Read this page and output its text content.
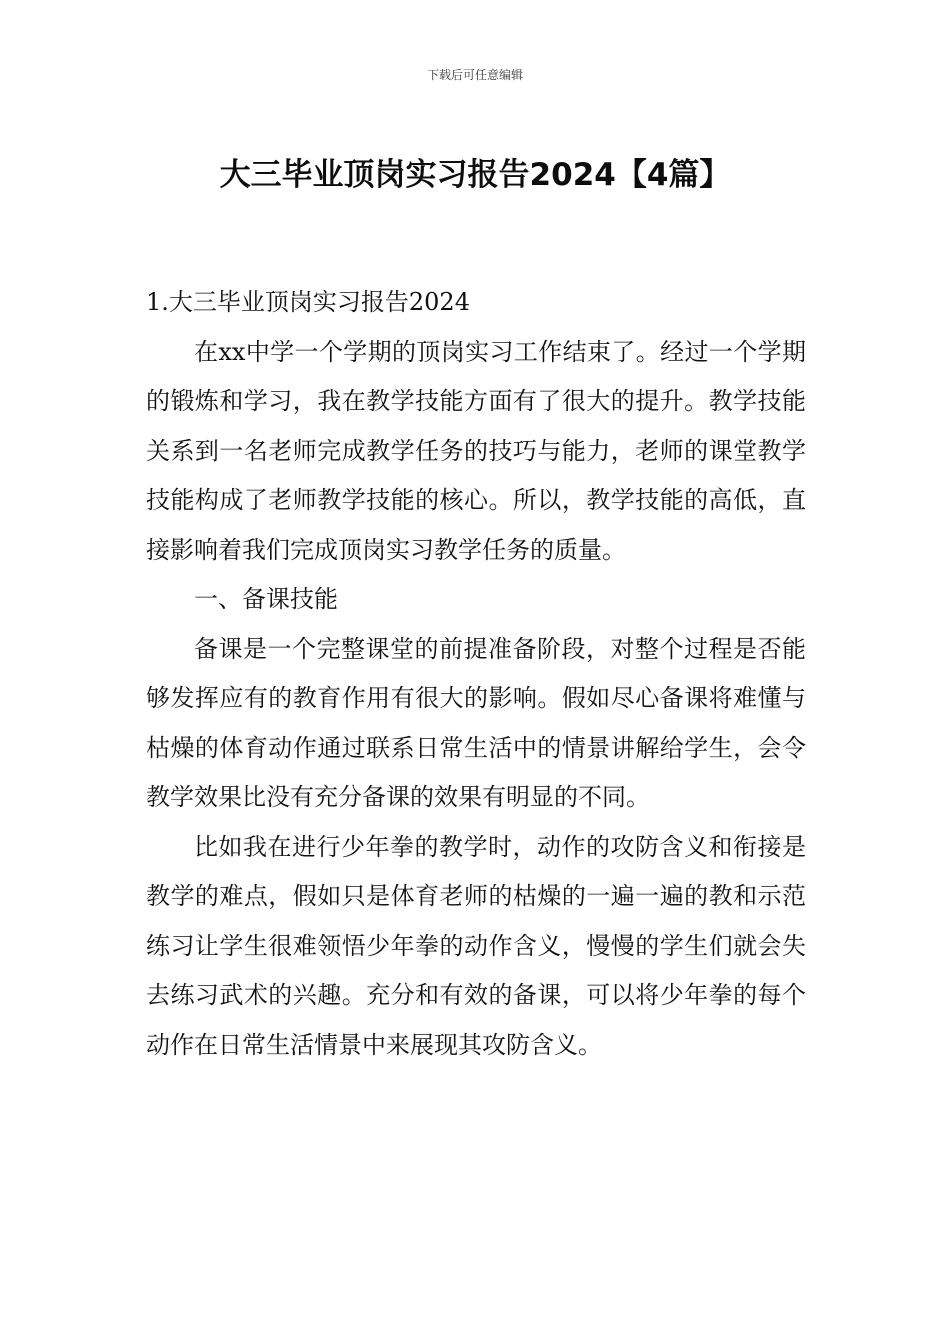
下载后可任意编辑
大三毕业顶岗实习报告2024【4篇】
1.大三毕业顶岗实习报告2024

在xx中学一个学期的顶岗实习工作结束了。经过一个学期的锻炼和学习，我在教学技能方面有了很大的提升。教学技能关系到一名老师完成教学任务的技巧与能力，老师的课堂教学技能构成了老师教学技能的核心。所以，教学技能的高低，直接影响着我们完成顶岗实习教学任务的质量。

一、备课技能

备课是一个完整课堂的前提准备阶段，对整个过程是否能够发挥应有的教育作用有很大的影响。假如尽心备课将难懂与枯燥的体育动作通过联系日常生活中的情景讲解给学生，会令教学效果比没有充分备课的效果有明显的不同。

比如我在进行少年拳的教学时，动作的攻防含义和衔接是教学的难点，假如只是体育老师的枯燥的一遍一遍的教和示范练习让学生很难领悟少年拳的动作含义，慢慢的学生们就会失去练习武术的兴趣。充分和有效的备课，可以将少年拳的每个动作在日常生活情景中来展现其攻防含义。
